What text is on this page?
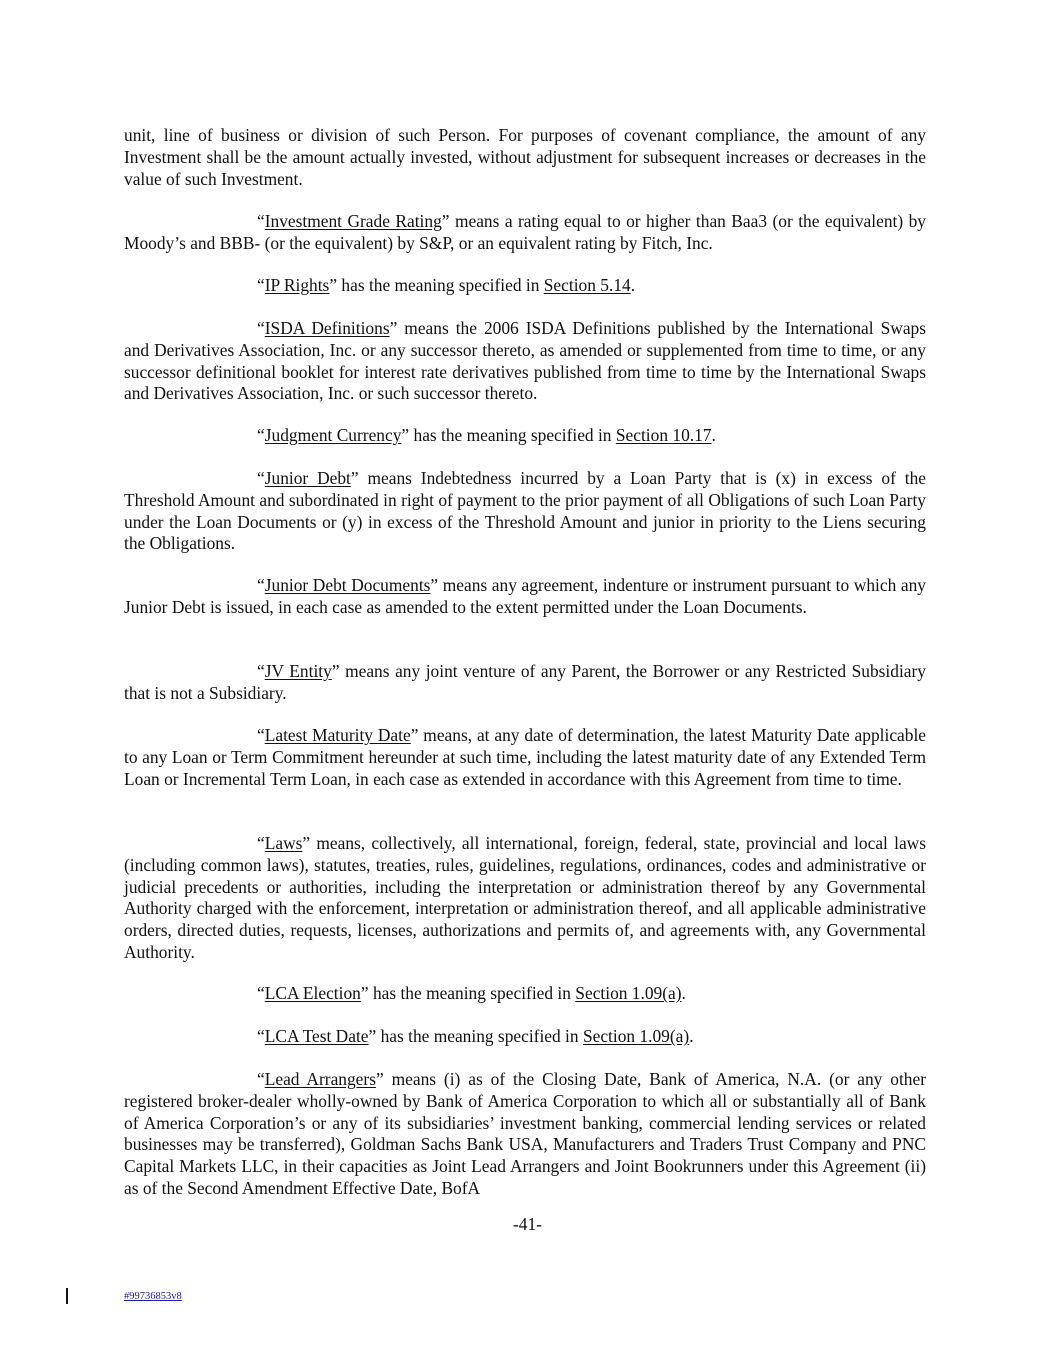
unit, line of business or division of such Person. For purposes of covenant compliance, the amount of any Investment shall be the amount actually invested, without adjustment for subsequent increases or decreases in the value of such Investment.

“Investment Grade Rating” means a rating equal to or higher than Baa3 (or the equivalent) by Moody’s and BBB- (or the equivalent) by S&P, or an equivalent rating by Fitch, Inc.

“IP Rights” has the meaning specified in Section 5.14.

“ISDA Definitions” means the 2006 ISDA Definitions published by the International Swaps and Derivatives Association, Inc. or any successor thereto, as amended or supplemented from time to time, or any successor definitional booklet for interest rate derivatives published from time to time by the International Swaps and Derivatives Association, Inc. or such successor thereto.

“Judgment Currency” has the meaning specified in Section 10.17.

“Junior Debt” means Indebtedness incurred by a Loan Party that is (x) in excess of the Threshold Amount and subordinated in right of payment to the prior payment of all Obligations of such Loan Party under the Loan Documents or (y) in excess of the Threshold Amount and junior in priority to the Liens securing the Obligations.

“Junior Debt Documents” means any agreement, indenture or instrument pursuant to which any Junior Debt is issued, in each case as amended to the extent permitted under the Loan Documents.

“JV Entity” means any joint venture of any Parent, the Borrower or any Restricted Subsidiary that is not a Subsidiary.

“Latest Maturity Date” means, at any date of determination, the latest Maturity Date applicable to any Loan or Term Commitment hereunder at such time, including the latest maturity date of any Extended Term Loan or Incremental Term Loan, in each case as extended in accordance with this Agreement from time to time.

“Laws” means, collectively, all international, foreign, federal, state, provincial and local laws (including common laws), statutes, treaties, rules, guidelines, regulations, ordinances, codes and administrative or judicial precedents or authorities, including the interpretation or administration thereof by any Governmental Authority charged with the enforcement, interpretation or administration thereof, and all applicable administrative orders, directed duties, requests, licenses, authorizations and permits of, and agreements with, any Governmental Authority.

“LCA Election” has the meaning specified in Section 1.09(a).

“LCA Test Date” has the meaning specified in Section 1.09(a).

“Lead Arrangers” means (i) as of the Closing Date, Bank of America, N.A. (or any other registered broker-dealer wholly-owned by Bank of America Corporation to which all or substantially all of Bank of America Corporation’s or any of its subsidiaries’ investment banking, commercial lending services or related businesses may be transferred), Goldman Sachs Bank USA, Manufacturers and Traders Trust Company and PNC Capital Markets LLC, in their capacities as Joint Lead Arrangers and Joint Bookrunners under this Agreement (ii) as of the Second Amendment Effective Date, BofA

-41-

#99736853v8
